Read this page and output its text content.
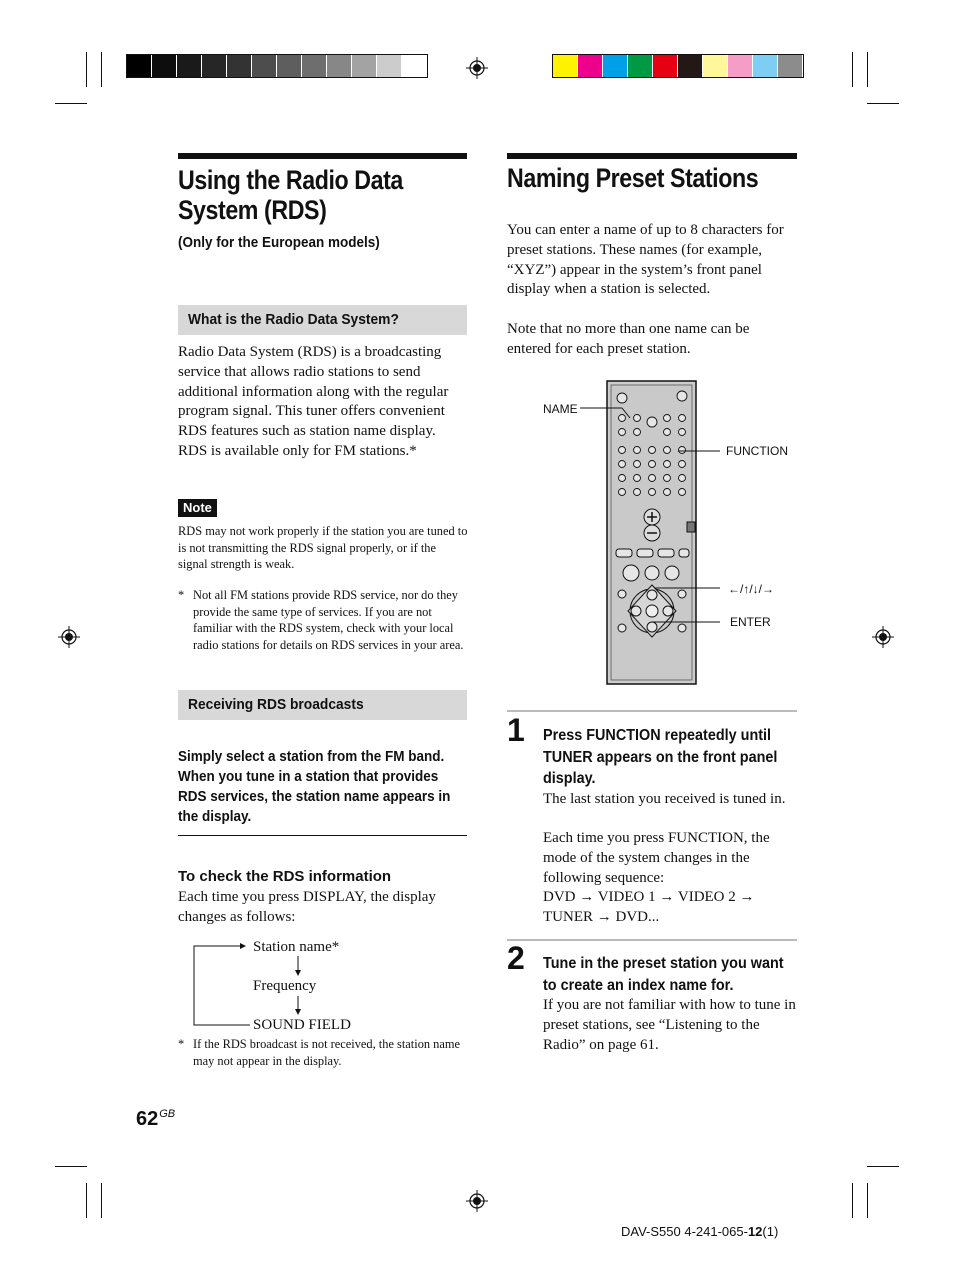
Using the Radio Data System (RDS)
(Only for the European models)
What is the Radio Data System?
Radio Data System (RDS) is a broadcasting service that allows radio stations to send additional information along with the regular program signal. This tuner offers convenient RDS features such as station name display. RDS is available only for FM stations.*
Note
RDS may not work properly if the station you are tuned to is not transmitting the RDS signal properly, or if the signal strength is weak.
* Not all FM stations provide RDS service, nor do they provide the same type of services. If you are not familiar with the RDS system, check with your local radio stations for details on RDS services in your area.
Receiving RDS broadcasts
Simply select a station from the FM band. When you tune in a station that provides RDS services, the station name appears in the display.
To check the RDS information
Each time you press DISPLAY, the display changes as follows:
Station name*
Frequency
SOUND FIELD
* If the RDS broadcast is not received, the station name may not appear in the display.
Naming Preset Stations
You can enter a name of up to 8 characters for preset stations. These names (for example, “XYZ”) appear in the system’s front panel display when a station is selected.
Note that no more than one name can be entered for each preset station.
NAME
FUNCTION
←/↑/↓/→
ENTER
1 Press FUNCTION repeatedly until TUNER appears on the front panel display.
The last station you received is tuned in.
Each time you press FUNCTION, the mode of the system changes in the following sequence:
DVD → VIDEO 1 → VIDEO 2 →
TUNER → DVD...
2 Tune in the preset station you want to create an index name for.
If you are not familiar with how to tune in preset stations, see “Listening to the Radio” on page 61.
$62^{GB}$
DAV-S550 4-241-065-12(1)
